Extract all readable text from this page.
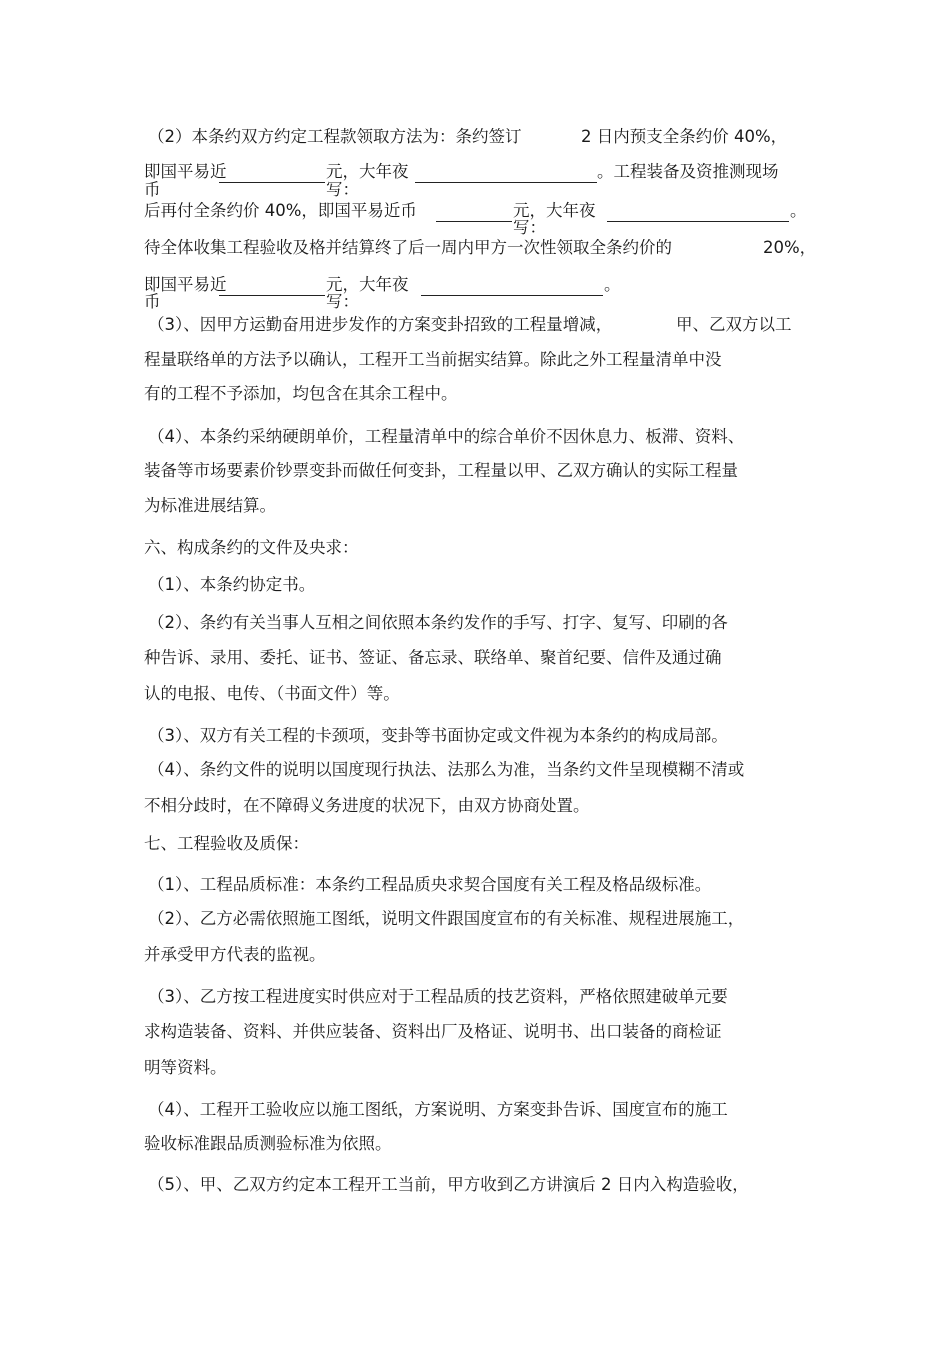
（2）本条约双方约定工程款领取方法为：条约签订	2 日内预支全条约价 40%，
即国平易近	元，大年夜	。工程装备及资推测现场
币	写：
后再付全条约价 40%，即国平易近币	元，大年夜	。
写：
待全体收集工程验收及格并结算终了后一周内甲方一次性领取全条约价的	20%，
即国平易近	元，大年夜	。
币	写：
（3）、因甲方运勤奋用进步发作的方案变卦招致的工程量增减，	甲、乙双方以工
程量联络单的方法予以确认，工程开工当前据实结算。除此之外工程量清单中没
有的工程不予添加，均包含在其余工程中。
（4）、本条约采纳硬朗单价，工程量清单中的综合单价不因休息力、板滞、资料、
装备等市场要素价钞票变卦而做任何变卦，工程量以甲、乙双方确认的实际工程量
为标准进展结算。
六、构成条约的文件及央求：
（1）、本条约协定书。
（2）、条约有关当事人互相之间依照本条约发作的手写、打字、复写、印刷的各
种告诉、录用、委托、证书、签证、备忘录、联络单、聚首纪要、信件及通过确
认的电报、电传、（书面文件）等。
（3）、双方有关工程的卡颈项，变卦等书面协定或文件视为本条约的构成局部。
（4）、条约文件的说明以国度现行执法、法那么为准，当条约文件呈现模糊不清或
不相分歧时，在不障碍义务进度的状况下，由双方协商处置。
七、工程验收及质保：
（1）、工程品质标准：本条约工程品质央求契合国度有关工程及格品级标准。
（2）、乙方必需依照施工图纸，说明文件跟国度宣布的有关标准、规程进展施工，
并承受甲方代表的监视。
（3）、乙方按工程进度实时供应对于工程品质的技艺资料，严格依照建破单元要
求构造装备、资料、并供应装备、资料出厂及格证、说明书、出口装备的商检证
明等资料。
（4）、工程开工验收应以施工图纸，方案说明、方案变卦告诉、国度宣布的施工
验收标准跟品质测验标准为依照。
（5）、甲、乙双方约定本工程开工当前，甲方收到乙方讲演后 2 日内入构造验收，
